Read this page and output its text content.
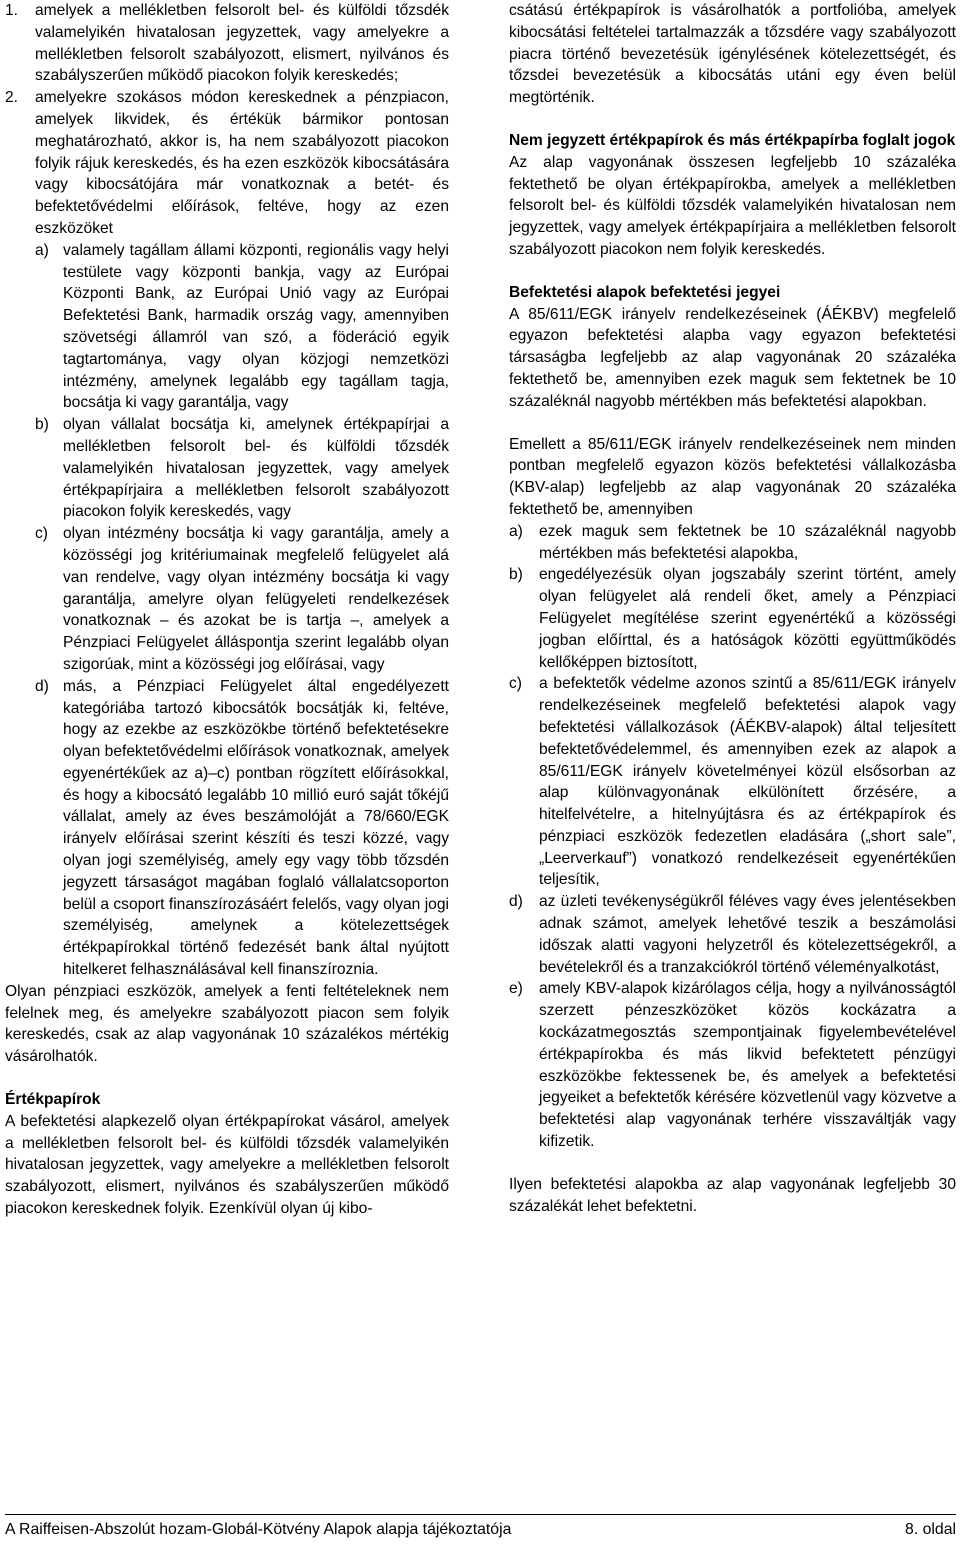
1. amelyek a mellékletben felsorolt bel- és külföldi tőzsdék valamelyikén hivatalosan jegyzettek, vagy amelyekre a mellékletben felsorolt szabályozott, elismert, nyilvános és szabályszerűen működő piacokon folyik kereskedés;
2. amelyekre szokásos módon kereskednek a pénzpiacon, amelyek likvidek, és értékük bármikor pontosan meghatározható, akkor is, ha nem szabályozott piacokon folyik rájuk kereskedés, és ha ezen eszközök kibocsátására vagy kibocsátójára már vonatkoznak a betét- és befektetővédelmi előírások, feltéve, hogy az ezen eszközöket
a) valamely tagállam állami központi, regionális vagy helyi testülete vagy központi bankja, vagy az Európai Központi Bank, az Európai Unió vagy az Európai Befektetési Bank, harmadik ország vagy, amennyiben szövetségi államról van szó, a föderáció egyik tagtartománya, vagy olyan közjogi nemzetközi intézmény, amelynek legalább egy tagállam tagja, bocsátja ki vagy garantálja, vagy
b) olyan vállalat bocsátja ki, amelynek értékpapírjai a mellékletben felsorolt bel- és külföldi tőzsdék valamelyikén hivatalosan jegyzettek, vagy amelyek értékpapírjaira a mellékletben felsorolt szabályozott piacokon folyik kereskedés, vagy
c) olyan intézmény bocsátja ki vagy garantálja, amely a közösségi jog kritériumainak megfelelő felügyelet alá van rendelve, vagy olyan intézmény bocsátja ki vagy garantálja, amelyre olyan felügyeleti rendelkezések vonatkoznak – és azokat be is tartja –, amelyek a Pénzpiaci Felügyelet álláspontja szerint legalább olyan szigorúak, mint a közösségi jog előírásai, vagy
d) más, a Pénzpiaci Felügyelet által engedélyezett kategóriába tartozó kibocsátók bocsátják ki, feltéve, hogy az ezekbe az eszközökbe történő befektetésekre olyan befektetővédelmi előírások vonatkoznak, amelyek egyenértékűek az a)–c) pontban rögzített előírásokkal, és hogy a kibocsátó legalább 10 millió euró saját tőkéjű vállalat, amely az éves beszámolóját a 78/660/EGK irányelv előírásai szerint készíti és teszi közzé, vagy olyan jogi személyiség, amely egy vagy több tőzsdén jegyzett társaságot magában foglaló vállalatcsoporton belül a csoport finanszírozásáért felelős, vagy olyan jogi személyiség, amelynek a kötelezettségek értékpapírokkal történő fedezését bank által nyújtott hitelkeret felhasználásával kell finanszíroznia.

Olyan pénzpiaci eszközök, amelyek a fenti feltételeknek nem felelnek meg, és amelyekre szabályozott piacon sem folyik kereskedés, csak az alap vagyonának 10 százalékos mértékig vásárolhatók.

Értékpapírok

A befektetési alapkezelő olyan értékpapírokat vásárol, amelyek a mellékletben felsorolt bel- és külföldi tőzsdék valamelyikén hivatalosan jegyzettek, vagy amelyekre a mellékletben felsorolt szabályozott, elismert, nyilvános és szabályszerűen működő piacokon kereskednek folyik. Ezenkívül olyan új kibo-

csátású értékpapírok is vásárolhatók a portfolióba, amelyek kibocsátási feltételei tartalmazzák a tőzsdére vagy szabályozott piacra történő bevezetésük igénylésének kötelezettségét, és tőzsdei bevezetésük a kibocsátás utáni egy éven belül megtörténik.

Nem jegyzett értékpapírok és más értékpapírba foglalt jogok

Az alap vagyonának összesen legfeljebb 10 százaléka fektethető be olyan értékpapírokba, amelyek a mellékletben felsorolt bel- és külföldi tőzsdék valamelyikén hivatalosan nem jegyzettek, vagy amelyek értékpapírjaira a mellékletben felsorolt szabályozott piacokon nem folyik kereskedés.

Befektetési alapok befektetési jegyei

A 85/611/EGK irányelv rendelkezéseinek (ÁÉKBV) megfelelő egyazon befektetési alapba vagy egyazon befektetési társaságba legfeljebb az alap vagyonának 20 százaléka fektethető be, amennyiben ezek maguk sem fektetnek be 10 százaléknál nagyobb mértékben más befektetési alapokban.

Emellett a 85/611/EGK irányelv rendelkezéseinek nem minden pontban megfelelő egyazon közös befektetési vállalkozásba (KBV-alap) legfeljebb az alap vagyonának 20 százaléka fektethető be, amennyiben

a) ezek maguk sem fektetnek be 10 százaléknál nagyobb mértékben más befektetési alapokba,
b) engedélyezésük olyan jogszabály szerint történt, amely olyan felügyelet alá rendeli őket, amely a Pénzpiaci Felügyelet megítélése szerint egyenértékű a közösségi jogban előírttal, és a hatóságok közötti együttműködés kellőképpen biztosított,
c) a befektetők védelme azonos szintű a 85/611/EGK irányelv rendelkezéseinek megfelelő befektetési alapok vagy befektetési vállalkozások (ÁÉKBV-alapok) által teljesített befektetővédelemmel, és amennyiben ezek az alapok a 85/611/EGK irányelv követelményei közül elsősorban az alap különvagyonának elkülönített őrzésére, a hitelfelvételre, a hitelnyújtásra és az értékpapírok és pénzpiaci eszközök fedezetlen eladására („short sale”, „Leerverkauf”) vonatkozó rendelkezéseit egyenértékűen teljesítik,
d) az üzleti tevékenységükről féléves vagy éves jelentésekben adnak számot, amelyek lehetővé teszik a beszámolási időszak alatti vagyoni helyzetről és kötelezettségekről, a bevételekről és a tranzakciókról történő véleményalkotást,
e) amely KBV-alapok kizárólagos célja, hogy a nyilvánosságtól szerzett pénzeszközöket közös kockázatra a kockázatmegosztás szempontjainak figyelembevételével értékpapírokba és más likvid befektetett pénzügyi eszközökbe fektessenek be, és amelyek a befektetési jegyeiket a befektetők kérésére közvetlenül vagy közvetve a befektetési alap vagyonának terhére visszaváltják vagy kifizetik.

Ilyen befektetési alapokba az alap vagyonának legfeljebb 30 százalékát lehet befektetni.

A Raiffeisen-Abszolút hozam-Globál-Kötvény Alapok alapja tájékoztatója	8. oldal
